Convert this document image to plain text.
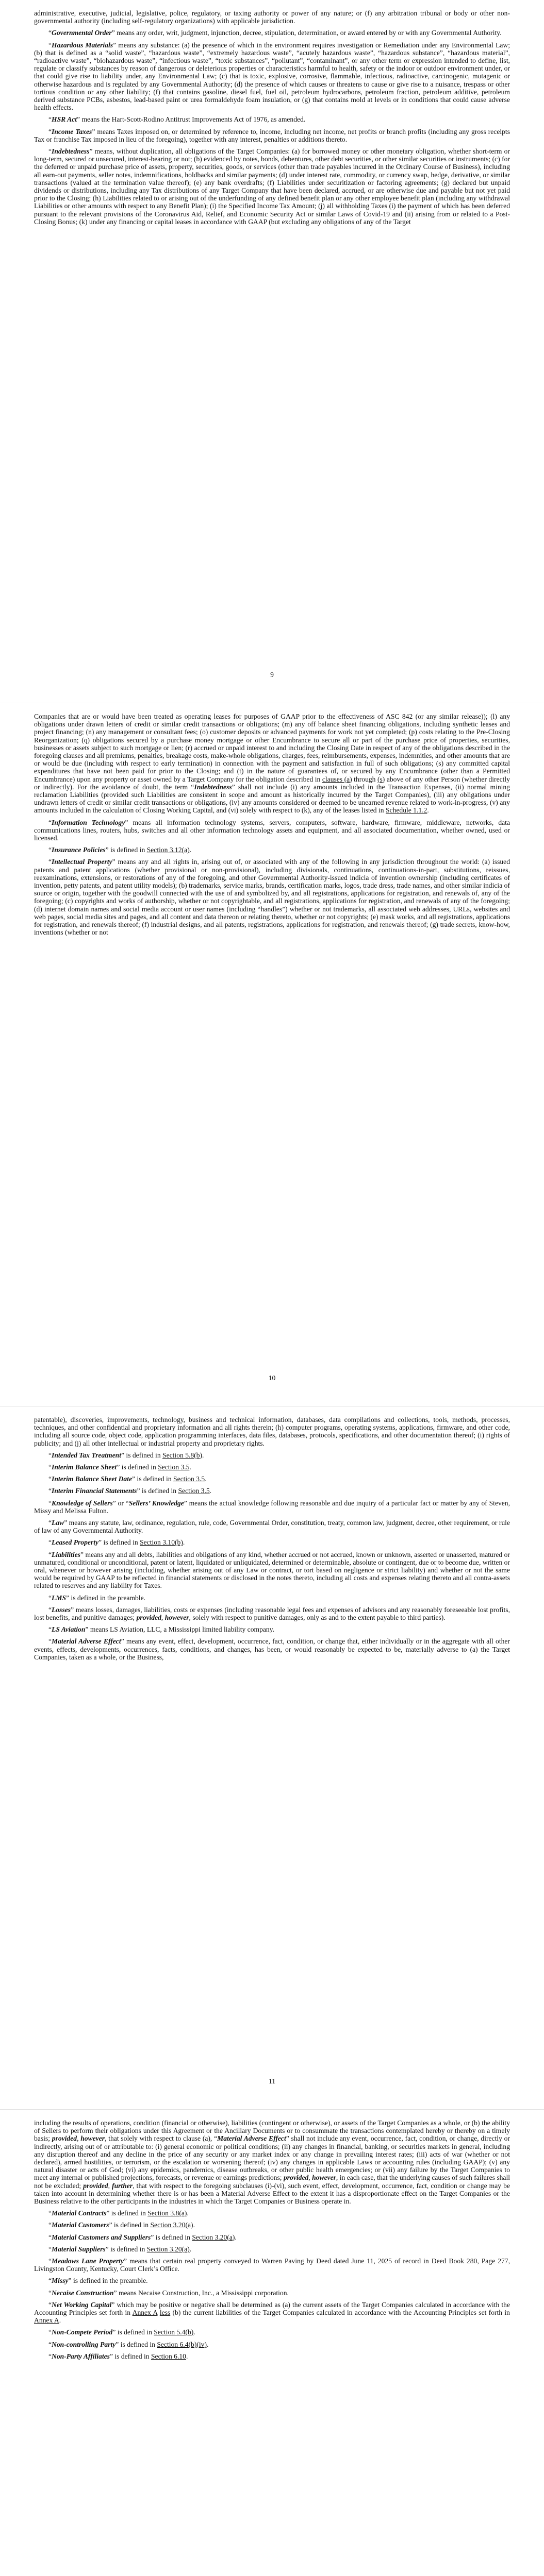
administrative, executive, judicial, legislative, police, regulatory, or taxing authority or power of any nature; or (f) any arbitration tribunal or body or other non-governmental authority (including self-regulatory organizations) with applicable jurisdiction.

“Governmental Order” means any order, writ, judgment, injunction, decree, stipulation, determination, or award entered by or with any Governmental Authority.

“Hazardous Materials” means any substance: (a) the presence of which in the environment requires investigation or Remediation under any Environmental Law; (b) that is defined as a “solid waste”, “hazardous waste”, “extremely hazardous waste”, “acutely hazardous waste”, “hazardous substance”, “hazardous material”, “radioactive waste”, “biohazardous waste”, “infectious waste”, “toxic substances”, “pollutant”, “contaminant”, or any other term or expression intended to define, list, regulate or classify substances by reason of dangerous or deleterious properties or characteristics harmful to health, safety or the indoor or outdoor environment under, or that could give rise to liability under, any Environmental Law; (c) that is toxic, explosive, corrosive, flammable, infectious, radioactive, carcinogenic, mutagenic or otherwise hazardous and is regulated by any Governmental Authority; (d) the presence of which causes or threatens to cause or give rise to a nuisance, trespass or other tortious condition or any other liability; (f) that contains gasoline, diesel fuel, fuel oil, petroleum hydrocarbons, petroleum fraction, petroleum additive, petroleum derived substance PCBs, asbestos, lead-based paint or urea formaldehyde foam insulation, or (g) that contains mold at levels or in conditions that could cause adverse health effects.

“HSR Act” means the Hart-Scott-Rodino Antitrust Improvements Act of 1976, as amended.

“Income Taxes” means Taxes imposed on, or determined by reference to, income, including net income, net profits or branch profits (including any gross receipts Tax or franchise Tax imposed in lieu of the foregoing), together with any interest, penalties or additions thereto.

“Indebtedness” means, without duplication, all obligations of the Target Companies: (a) for borrowed money or other monetary obligation, whether short-term or long-term, secured or unsecured, interest-bearing or not; (b) evidenced by notes, bonds, debentures, other debt securities, or other similar securities or instruments; (c) for the deferred or unpaid purchase price of assets, property, securities, goods, or services (other than trade payables incurred in the Ordinary Course of Business), including all earn-out payments, seller notes, indemnifications, holdbacks and similar payments; (d) under interest rate, commodity, or currency swap, hedge, derivative, or similar transactions (valued at the termination value thereof); (e) any bank overdrafts; (f) Liabilities under securitization or factoring agreements; (g) declared but unpaid dividends or distributions, including any Tax distributions of any Target Company that have been declared, accrued, or are otherwise due and payable but not yet paid prior to the Closing; (h) Liabilities related to or arising out of the underfunding of any defined benefit plan or any other employee benefit plan (including any withdrawal Liabilities or other amounts with respect to any Benefit Plan); (i) the Specified Income Tax Amount; (j) all withholding Taxes (i) the payment of which has been deferred pursuant to the relevant provisions of the Coronavirus Aid, Relief, and Economic Security Act or similar Laws of Covid-19 and (ii) arising from or related to a Post-Closing Bonus; (k) under any financing or capital leases in accordance with GAAP (but excluding any obligations of any of the Target

9

Companies that are or would have been treated as operating leases for purposes of GAAP prior to the effectiveness of ASC 842 (or any similar release)); (l) any obligations under drawn letters of credit or similar credit transactions or obligations; (m) any off balance sheet financing obligations, including synthetic leases and project financing; (n) any management or consultant fees; (o) customer deposits or advanced payments for work not yet completed; (p) costs relating to the Pre-Closing Reorganization; (q) obligations secured by a purchase money mortgage or other Encumbrance to secure all or part of the purchase price of properties, securities, businesses or assets subject to such mortgage or lien; (r) accrued or unpaid interest to and including the Closing Date in respect of any of the obligations described in the foregoing clauses and all premiums, penalties, breakage costs, make-whole obligations, charges, fees, reimbursements, expenses, indemnities, and other amounts that are or would be due (including with respect to early termination) in connection with the payment and satisfaction in full of such obligations; (s) any committed capital expenditures that have not been paid for prior to the Closing; and (t) in the nature of guarantees of, or secured by any Encumbrance (other than a Permitted Encumbrance) upon any property or asset owned by a Target Company for the obligation described in clauses (a) through (s) above of any other Person (whether directly or indirectly). For the avoidance of doubt, the term “Indebtedness” shall not include (i) any amounts included in the Transaction Expenses, (ii) normal mining reclamation Liabilities (provided such Liabilities are consistent in scope and amount as historically incurred by the Target Companies), (iii) any obligations under undrawn letters of credit or similar credit transactions or obligations, (iv) any amounts considered or deemed to be unearned revenue related to work-in-progress, (v) any amounts included in the calculation of Closing Working Capital, and (vi) solely with respect to (k), any of the leases listed in Schedule 1.1.2.

“Information Technology” means all information technology systems, servers, computers, software, hardware, firmware, middleware, networks, data communications lines, routers, hubs, switches and all other information technology assets and equipment, and all associated documentation, whether owned, used or licensed.

“Insurance Policies” is defined in Section 3.12(a).

“Intellectual Property” means any and all rights in, arising out of, or associated with any of the following in any jurisdiction throughout the world: (a) issued patents and patent applications (whether provisional or non-provisional), including divisionals, continuations, continuations-in-part, substitutions, reissues, reexaminations, extensions, or restorations of any of the foregoing, and other Governmental Authority-issued indicia of invention ownership (including certificates of invention, petty patents, and patent utility models); (b) trademarks, service marks, brands, certification marks, logos, trade dress, trade names, and other similar indicia of source or origin, together with the goodwill connected with the use of and symbolized by, and all registrations, applications for registration, and renewals of, any of the foregoing; (c) copyrights and works of authorship, whether or not copyrightable, and all registrations, applications for registration, and renewals of any of the foregoing; (d) internet domain names and social media account or user names (including “handles”) whether or not trademarks, all associated web addresses, URLs, websites and web pages, social media sites and pages, and all content and data thereon or relating thereto, whether or not copyrights; (e) mask works, and all registrations, applications for registration, and renewals thereof; (f) industrial designs, and all patents, registrations, applications for registration, and renewals thereof; (g) trade secrets, know-how, inventions (whether or not

10

patentable), discoveries, improvements, technology, business and technical information, databases, data compilations and collections, tools, methods, processes, techniques, and other confidential and proprietary information and all rights therein; (h) computer programs, operating systems, applications, firmware, and other code, including all source code, object code, application programming interfaces, data files, databases, protocols, specifications, and other documentation thereof; (i) rights of publicity; and (j) all other intellectual or industrial property and proprietary rights.

“Intended Tax Treatment” is defined in Section 5.8(b).

“Interim Balance Sheet” is defined in Section 3.5.

“Interim Balance Sheet Date” is defined in Section 3.5.

“Interim Financial Statements” is defined in Section 3.5.

“Knowledge of Sellers” or “Sellers’ Knowledge” means the actual knowledge following reasonable and due inquiry of a particular fact or matter by any of Steven, Missy and Melissa Fulton.

“Law” means any statute, law, ordinance, regulation, rule, code, Governmental Order, constitution, treaty, common law, judgment, decree, other requirement, or rule of law of any Governmental Authority.

“Leased Property” is defined in Section 3.10(b).

“Liabilities” means any and all debts, liabilities and obligations of any kind, whether accrued or not accrued, known or unknown, asserted or unasserted, matured or unmatured, conditional or unconditional, patent or latent, liquidated or unliquidated, determined or determinable, absolute or contingent, due or to become due, written or oral, whenever or however arising (including, whether arising out of any Law or contract, or tort based on negligence or strict liability) and whether or not the same would be required by GAAP to be reflected in financial statements or disclosed in the notes thereto, including all costs and expenses relating thereto and all contra-assets related to reserves and any liability for Taxes.

“LMS” is defined in the preamble.

“Losses” means losses, damages, liabilities, costs or expenses (including reasonable legal fees and expenses of advisors and any reasonably foreseeable lost profits, lost benefits, and punitive damages; provided, however, solely with respect to punitive damages, only as and to the extent payable to third parties).

“LS Aviation” means LS Aviation, LLC, a Mississippi limited liability company.

“Material Adverse Effect” means any event, effect, development, occurrence, fact, condition, or change that, either individually or in the aggregate with all other events, effects, developments, occurrences, facts, conditions, and changes, has been, or would reasonably be expected to be, materially adverse to (a) the Target Companies, taken as a whole, or the Business,

11

including the results of operations, condition (financial or otherwise), liabilities (contingent or otherwise), or assets of the Target Companies as a whole, or (b) the ability of Sellers to perform their obligations under this Agreement or the Ancillary Documents or to consummate the transactions contemplated hereby or thereby on a timely basis; provided, however, that solely with respect to clause (a), “Material Adverse Effect” shall not include any event, occurrence, fact, condition, or change, directly or indirectly, arising out of or attributable to: (i) general economic or political conditions; (ii) any changes in financial, banking, or securities markets in general, including any disruption thereof and any decline in the price of any security or any market index or any change in prevailing interest rates; (iii) acts of war (whether or not declared), armed hostilities, or terrorism, or the escalation or worsening thereof; (iv) any changes in applicable Laws or accounting rules (including GAAP); (v) any natural disaster or acts of God; (vi) any epidemics, pandemics, disease outbreaks, or other public health emergencies; or (vii) any failure by the Target Companies to meet any internal or published projections, forecasts, or revenue or earnings predictions; provided, however, in each case, that the underlying causes of such failures shall not be excluded; provided, further, that with respect to the foregoing subclauses (i)-(vi), such event, effect, development, occurrence, fact, condition or change may be taken into account in determining whether there is or has been a Material Adverse Effect to the extent it has a disproportionate effect on the Target Companies or the Business relative to the other participants in the industries in which the Target Companies or Business operate in.

“Material Contracts” is defined in Section 3.8(a).

“Material Customers” is defined in Section 3.20(a).

“Material Customers and Suppliers” is defined in Section 3.20(a).

“Material Suppliers” is defined in Section 3.20(a).

“Meadows Lane Property” means that certain real property conveyed to Warren Paving by Deed dated June 11, 2025 of record in Deed Book 280, Page 277, Livingston County, Kentucky, Court Clerk’s Office.

“Missy” is defined in the preamble.

“Necaise Construction” means Necaise Construction, Inc., a Mississippi corporation.

“Net Working Capital” which may be positive or negative shall be determined as (a) the current assets of the Target Companies calculated in accordance with the Accounting Principles set forth in Annex A less (b) the current liabilities of the Target Companies calculated in accordance with the Accounting Principles set forth in Annex A.

“Non-Compete Period” is defined in Section 5.4(b).

“Non-controlling Party” is defined in Section 6.4(b)(iv).

“Non-Party Affiliates” is defined in Section 6.10.
